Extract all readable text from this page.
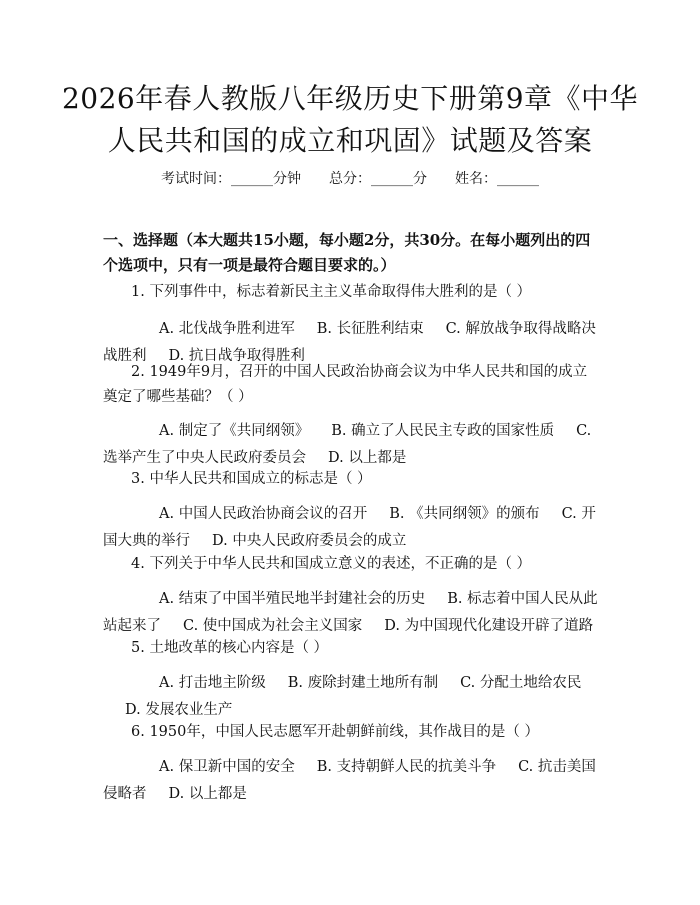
2026年春人教版八年级历史下册第9章《中华人民共和国的成立和巩固》试题及答案
考试时间：______分钟 总分：______分 姓名：______
一、选择题（本大题共15小题，每小题2分，共30分。在每小题列出的四个选项中，只有一项是最符合题目要求的。）

1. 下列事件中，标志着新民主主义革命取得伟大胜利的是（ ）

A. 北伐战争胜利进军 B. 长征胜利结束 C. 解放战争取得战略决战胜利 D. 抗日战争取得胜利

2. 1949年9月，召开的中国人民政治协商会议为中华人民共和国的成立奠定了哪些基础？（ ）

A. 制定了《共同纲领》 B. 确立了人民民主专政的国家性质 C. 选举产生了中央人民政府委员会 D. 以上都是

3. 中华人民共和国成立的标志是（ ）

A. 中国人民政治协商会议的召开 B. 《共同纲领》的颁布 C. 开国大典的举行 D. 中央人民政府委员会的成立

4. 下列关于中华人民共和国成立意义的表述，不正确的是（ ）

A. 结束了中国半殖民地半封建社会的历史 B. 标志着中国人民从此站起来了 C. 使中国成为社会主义国家 D. 为中国现代化建设开辟了道路

5. 土地改革的核心内容是（ ）

A. 打击地主阶级 B. 废除封建土地所有制 C. 分配土地给农民D. 发展农业生产

6. 1950年，中国人民志愿军开赴朝鲜前线，其作战目的是（ ）

A. 保卫新中国的安全 B. 支持朝鲜人民的抗美斗争 C. 抗击美国侵略者 D. 以上都是
